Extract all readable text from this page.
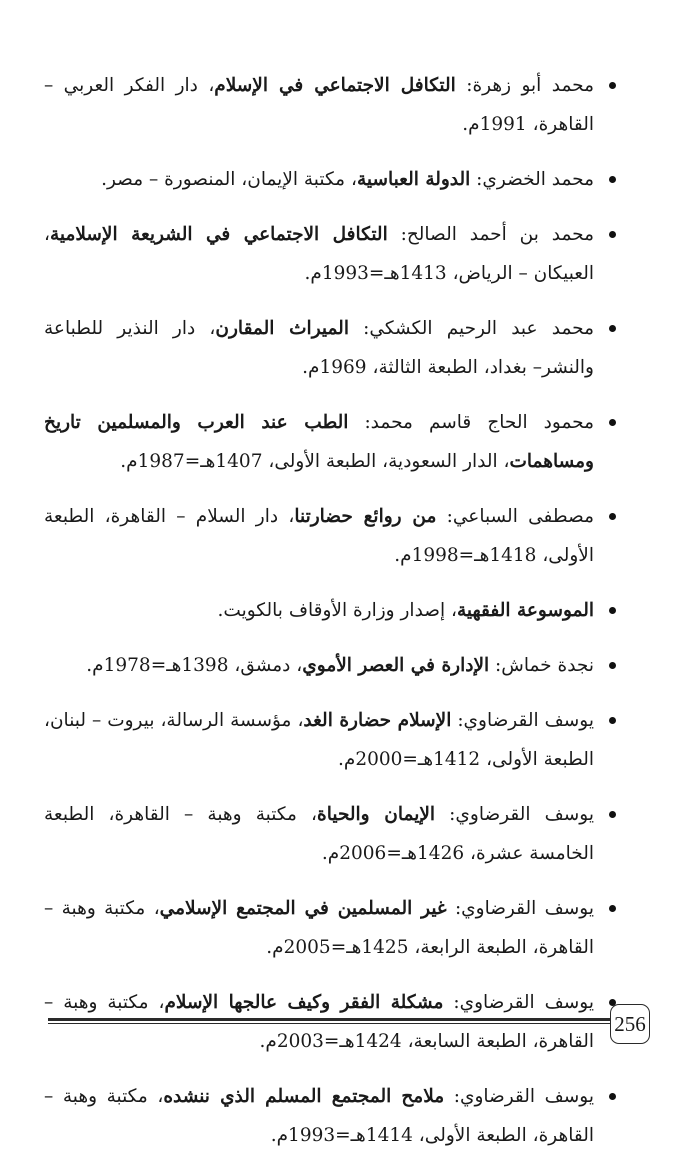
محمد أبو زهرة: التكافل الاجتماعي في الإسلام، دار الفكر العربي – القاهرة، 1991م.
محمد الخضري: الدولة العباسية، مكتبة الإيمان، المنصورة – مصر.
محمد بن أحمد الصالح: التكافل الاجتماعي في الشريعة الإسلامية، العبيكان – الرياض، 1413هـ=1993م.
محمد عبد الرحيم الكشكي: الميراث المقارن، دار النذير للطباعة والنشر– بغداد، الطبعة الثالثة، 1969م.
محمود الحاج قاسم محمد: الطب عند العرب والمسلمين تاريخ ومساهمات، الدار السعودية، الطبعة الأولى، 1407هـ=1987م.
مصطفى السباعي: من روائع حضارتنا، دار السلام – القاهرة، الطبعة الأولى، 1418هـ=1998م.
الموسوعة الفقهية، إصدار وزارة الأوقاف بالكويت.
نجدة خماش: الإدارة في العصر الأموي، دمشق، 1398هـ=1978م.
يوسف القرضاوي: الإسلام حضارة الغد، مؤسسة الرسالة، بيروت – لبنان، الطبعة الأولى، 1412هـ=2000م.
يوسف القرضاوي: الإيمان والحياة، مكتبة وهبة – القاهرة، الطبعة الخامسة عشرة، 1426هـ=2006م.
يوسف القرضاوي: غير المسلمين في المجتمع الإسلامي، مكتبة وهبة – القاهرة، الطبعة الرابعة، 1425هـ=2005م.
يوسف القرضاوي: مشكلة الفقر وكيف عالجها الإسلام، مكتبة وهبة – القاهرة، الطبعة السابعة، 1424هـ=2003م.
يوسف القرضاوي: ملامح المجتمع المسلم الذي ننشده، مكتبة وهبة – القاهرة، الطبعة الأولى، 1414هـ=1993م.
256
